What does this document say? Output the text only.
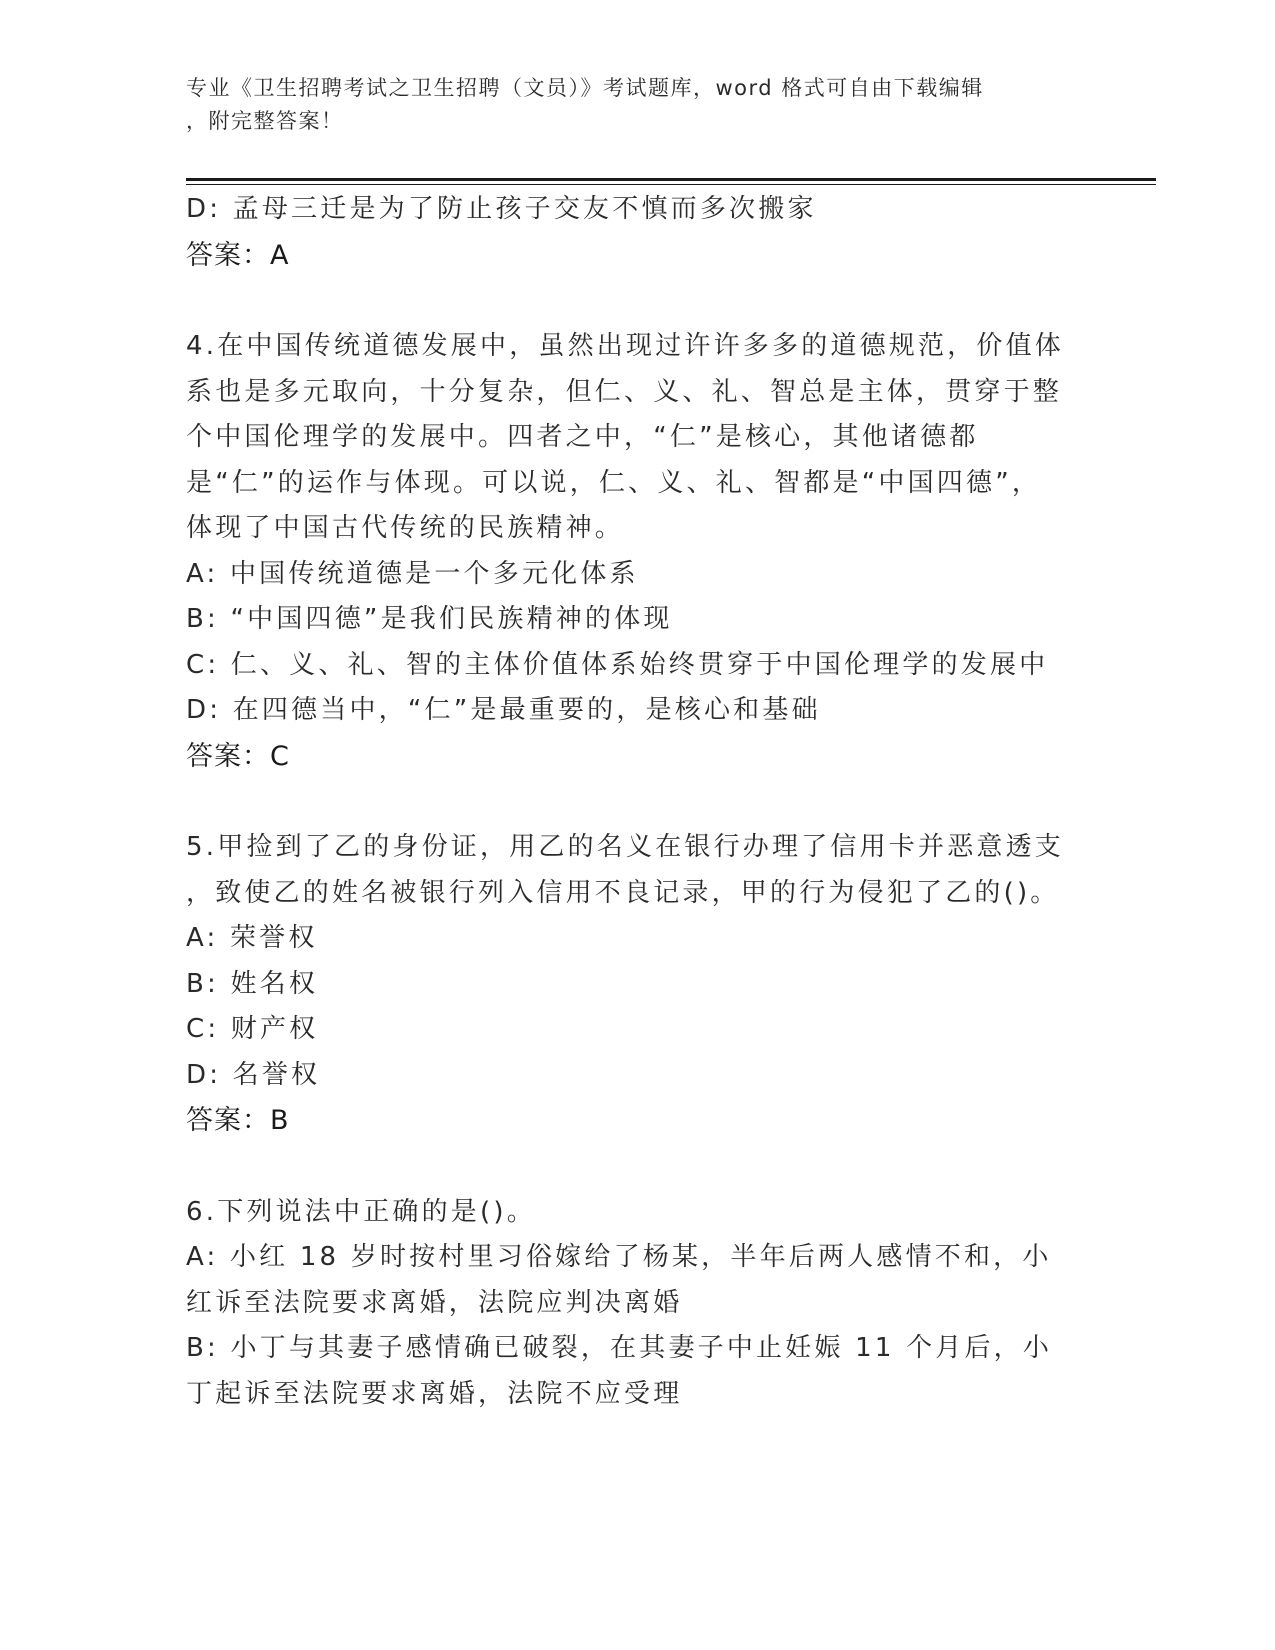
专业《卫生招聘考试之卫生招聘（文员）》考试题库，word 格式可自由下载编辑
，附完整答案！
D: 孟母三迁是为了防止孩子交友不慎而多次搬家
答案：A
4.在中国传统道德发展中，虽然出现过许许多多的道德规范，价值体系也是多元取向，十分复杂，但仁、义、礼、智总是主体，贯穿于整个中国伦理学的发展中。四者之中，“仁”是核心，其他诸德都是“仁”的运作与体现。可以说，仁、义、礼、智都是“中国四德”，体现了中国古代传统的民族精神。
A: 中国传统道德是一个多元化体系
B: “中国四德”是我们民族精神的体现
C: 仁、义、礼、智的主体价值体系始终贯穿于中国伦理学的发展中
D: 在四德当中，“仁”是最重要的，是核心和基础
答案：C
5.甲捡到了乙的身份证，用乙的名义在银行办理了信用卡并恶意透支
，致使乙的姓名被银行列入信用不良记录，甲的行为侵犯了乙的()。
A: 荣誉权
B: 姓名权
C: 财产权
D: 名誉权
答案：B
6.下列说法中正确的是()。
A: 小红 18 岁时按村里习俗嫁给了杨某，半年后两人感情不和，小红诉至法院要求离婚，法院应判决离婚
B: 小丁与其妻子感情确已破裂，在其妻子中止妊娠 11 个月后，小丁起诉至法院要求离婚，法院不应受理
